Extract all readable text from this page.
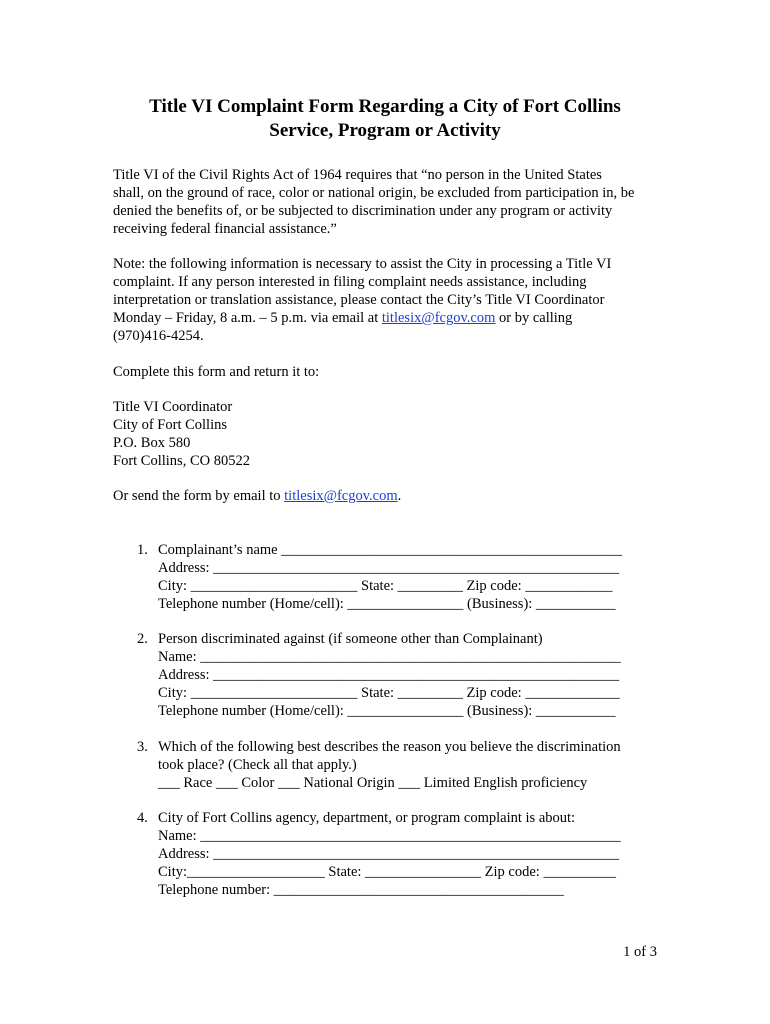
Title VI Complaint Form Regarding a City of Fort Collins
Service, Program or Activity

Title VI of the Civil Rights Act of 1964 requires that “no person in the United States
shall, on the ground of race, color or national origin, be excluded from participation in, be
denied the benefits of, or be subjected to discrimination under any program or activity
receiving federal financial assistance.”

Note: the following information is necessary to assist the City in processing a Title VI
complaint. If any person interested in filing complaint needs assistance, including
interpretation or translation assistance, please contact the City’s Title VI Coordinator
Monday – Friday, 8 a.m. – 5 p.m. via email at titlesix@fcgov.com or by calling
(970)416-4254.

Complete this form and return it to:

Title VI Coordinator
City of Fort Collins
P.O. Box 580
Fort Collins, CO 80522

Or send the form by email to titlesix@fcgov.com.

1. Complainant’s name _______________________________________________
Address: ________________________________________________________
City: _______________________ State: _________ Zip code: ____________
Telephone number (Home/cell): ________________ (Business): ___________
2. Person discriminated against (if someone other than Complainant)
Name: __________________________________________________________
Address: ________________________________________________________
City: _______________________ State: _________ Zip code: _____________
Telephone number (Home/cell): ________________ (Business): ___________
3. Which of the following best describes the reason you believe the discrimination
took place? (Check all that apply.)
___ Race ___ Color ___ National Origin ___ Limited English proficiency
4. City of Fort Collins agency, department, or program complaint is about:
Name: __________________________________________________________
Address: ________________________________________________________
City:___________________ State: ________________ Zip code: __________
Telephone number: ________________________________________
1 of 3
